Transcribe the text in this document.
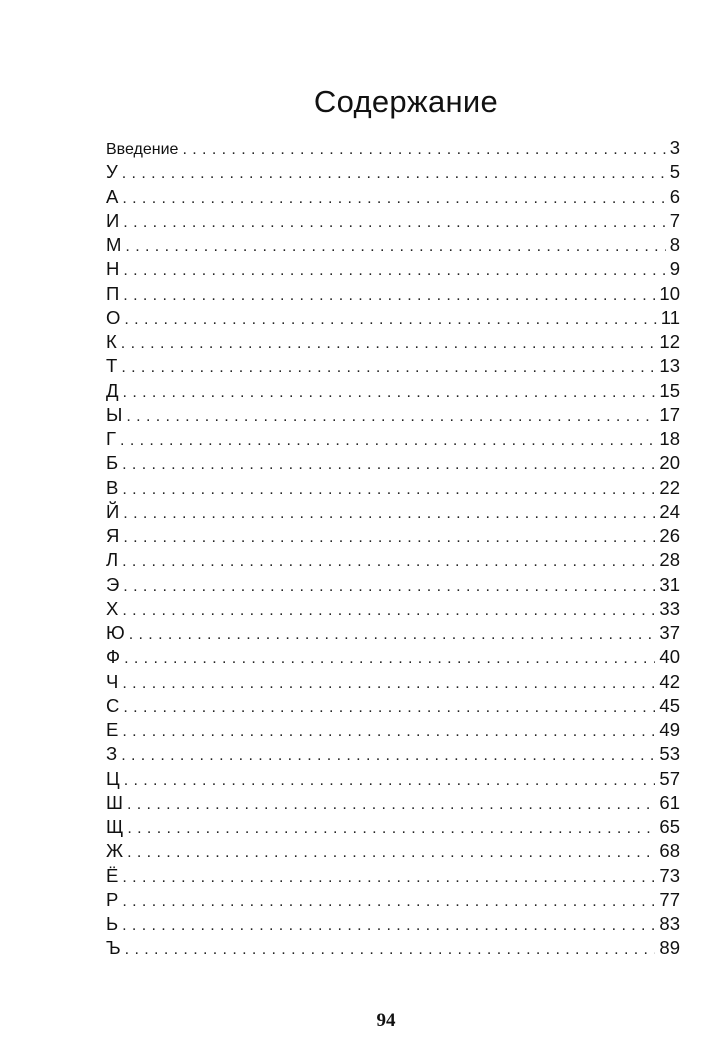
Содержание
Введение . . .	3
У . . .	5
А . . .	6
И . . .	7
М . . .	8
Н . . .	9
П . . .	10
О . . .	11
К . . .	12
Т . . .	13
Д . . .	15
Ы . . .	17
Г . . .	18
Б . . .	20
В . . .	22
Й . . .	24
Я . . .	26
Л . . .	28
Э . . .	31
Х . . .	33
Ю . . .	37
Ф . . .	40
Ч . . .	42
С . . .	45
Е . . .	49
З . . .	53
Ц . . .	57
Ш . . .	61
Щ . . .	65
Ж . . .	68
Ё . . .	73
Р . . .	77
Ь . . .	83
Ъ . . .	89
94
